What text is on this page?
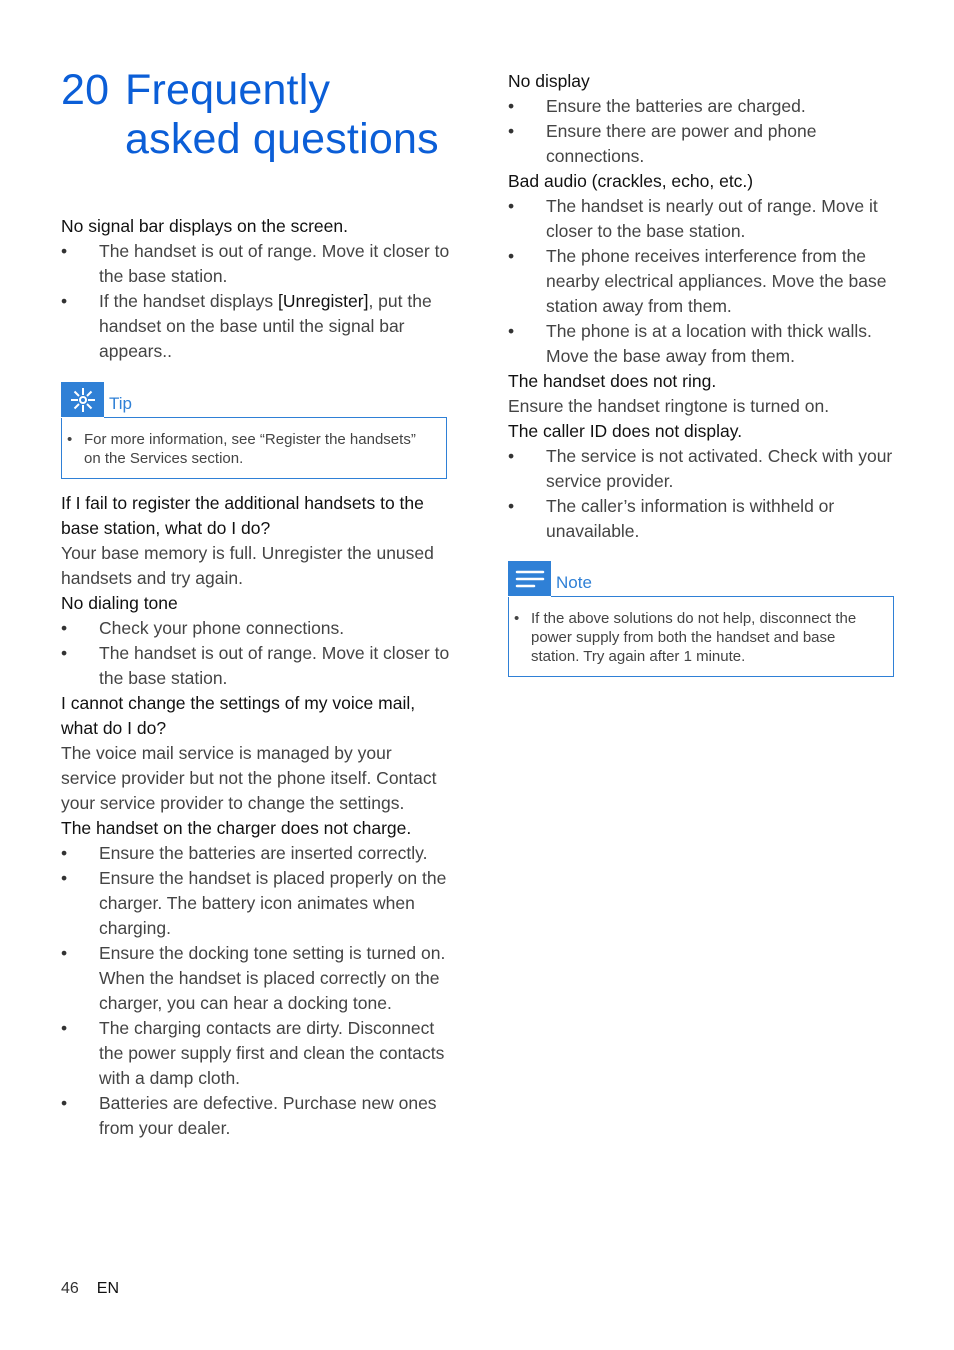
20 Frequently
asked questions

No signal bar displays on the screen.

• The handset is out of range. Move it closer to the base station.
• If the handset displays [Unregister], put the handset on the base until the signal bar appears..
Tip
• For more information, see “Register the handsets” on the Services section.

If I fail to register the additional handsets to the base station, what do I do?

Your base memory is full. Unregister the unused handsets and try again.

No dialing tone

• Check your phone connections.
• The handset is out of range. Move it closer to the base station.

I cannot change the settings of my voice mail, what do I do?

The voice mail service is managed by your service provider but not the phone itself. Contact your service provider to change the settings.

The handset on the charger does not charge.

• Ensure the batteries are inserted correctly.
• Ensure the handset is placed properly on the charger. The battery icon animates when charging.
• Ensure the docking tone setting is turned on. When the handset is placed correctly on the charger, you can hear a docking tone.
• The charging contacts are dirty. Disconnect the power supply first and clean the contacts with a damp cloth.
• Batteries are defective. Purchase new ones from your dealer.

No display

• Ensure the batteries are charged.
• Ensure there are power and phone connections.

Bad audio (crackles, echo, etc.)

• The handset is nearly out of range. Move it closer to the base station.
• The phone receives interference from the nearby electrical appliances. Move the base station away from them.
• The phone is at a location with thick walls. Move the base away from them.

The handset does not ring.

Ensure the handset ringtone is turned on.

The caller ID does not display.

• The service is not activated. Check with your service provider.
• The caller’s information is withheld or unavailable.
Note
• If the above solutions do not help, disconnect the power supply from both the handset and base station. Try again after 1 minute.
46 EN
